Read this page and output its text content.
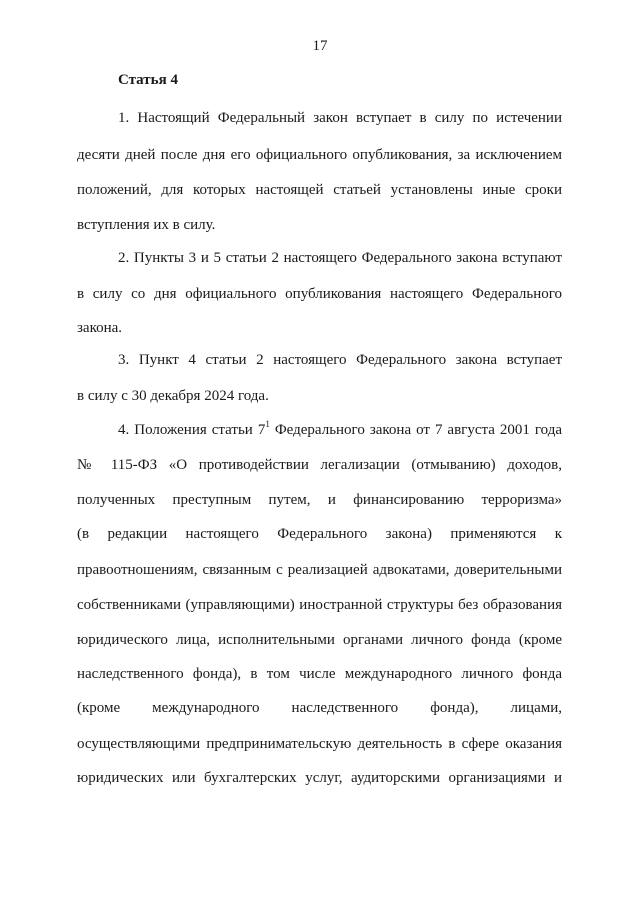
17
Статья 4
1. Настоящий Федеральный закон вступает в силу по истечении
десяти дней после дня его официального опубликования, за исключением
положений, для которых настоящей статьей установлены иные сроки
вступления их в силу.
2. Пункты 3 и 5 статьи 2 настоящего Федерального закона вступают
в силу со дня официального опубликования настоящего Федерального
закона.
3. Пункт 4 статьи 2 настоящего Федерального закона вступает
в силу с 30 декабря 2024 года.
4. Положения статьи $7^1$ Федерального закона от 7 августа 2001 года
№ 115-ФЗ «О противодействии легализации (отмыванию) доходов,
полученных преступным путем, и финансированию терроризма»
(в редакции настоящего Федерального закона) применяются к
правоотношениям, связанным с реализацией адвокатами, доверительными
собственниками (управляющими) иностранной структуры без образования
юридического лица, исполнительными органами личного фонда (кроме
наследственного фонда), в том числе международного личного фонда
(кроме международного наследственного фонда), лицами,
осуществляющими предпринимательскую деятельность в сфере оказания
юридических или бухгалтерских услуг, аудиторскими организациями и
